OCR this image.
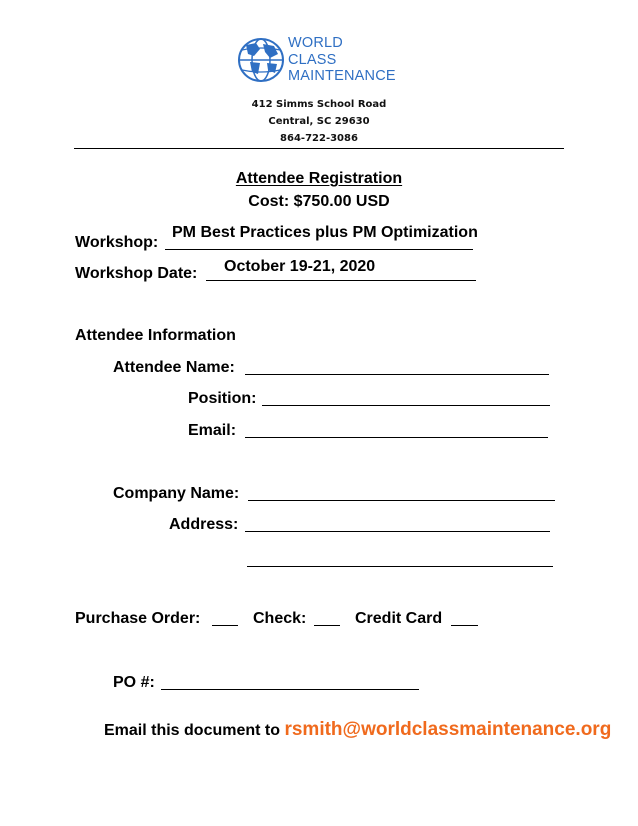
WORLD
CLASS
MAINTENANCE
412 Simms School Road
Central, SC 29630
864-722-3086
Attendee Registration
Cost: $750.00 USD
Workshop:
PM Best Practices plus PM Optimization
Workshop Date: October 19-21, 2020
Attendee Information
Attendee Name:
Position:
Email:
Company Name:
Address:
Purchase Order:	Check:	Credit Card
PO #:
Email this document to rsmith@worldclassmaintenance.org
